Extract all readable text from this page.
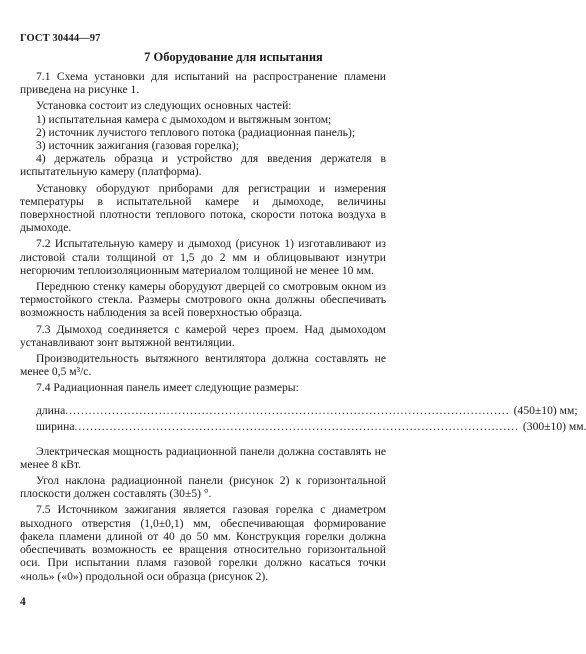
ГОСТ 30444—97
7 Оборудование для испытания

7.1 Схема установки для испытаний на распространение пламени приведена на рисунке 1.

Установка состоит из следующих основных частей:

1) испытательная камера с дымоходом и вытяжным зонтом;

2) источник лучистого теплового потока (радиационная панель);

3) источник зажигания (газовая горелка);

4) держатель образца и устройство для введения держателя в испытательную камеру (платформа).

Установку оборудуют приборами для регистрации и измерения температуры в испытательной камере и дымоходе, величины поверхностной плотности теплового потока, скорости потока воздуха в дымоходе.

7.2 Испытательную камеру и дымоход (рисунок 1) изготавливают из листовой стали толщиной от 1,5 до 2 мм и облицовывают изнутри негорючим теплоизоляционным материалом толщиной не менее 10 мм.

Переднюю стенку камеры оборудуют дверцей со смотровым окном из термостойкого стекла. Размеры смотрового окна должны обеспечивать возможность наблюдения за всей поверхностью образца.

7.3 Дымоход соединяется с камерой через проем. Над дымоходом устанавливают зонт вытяжной вентиляции.

Производительность вытяжного вентилятора должна составлять не менее 0,5 м³/с.

7.4 Радиационная панель имеет следующие размеры:

длина .................................................................................................................. (450±10) мм;
ширина .................................................................................................................. (300±10) мм.

Электрическая мощность радиационной панели должна составлять не менее 8 кВт.

Угол наклона радиационной панели (рисунок 2) к горизонтальной плоскости должен составлять (30±5) °.

7.5 Источником зажигания является газовая горелка с диаметром выходного отверстия (1,0±0,1) мм, обеспечивающая формирование факела пламени длиной от 40 до 50 мм. Конструкция горелки должна обеспечивать возможность ее вращения относительно горизонтальной оси. При испытании пламя газовой горелки должно касаться точки «ноль» («0») продольной оси образца (рисунок 2).

4
